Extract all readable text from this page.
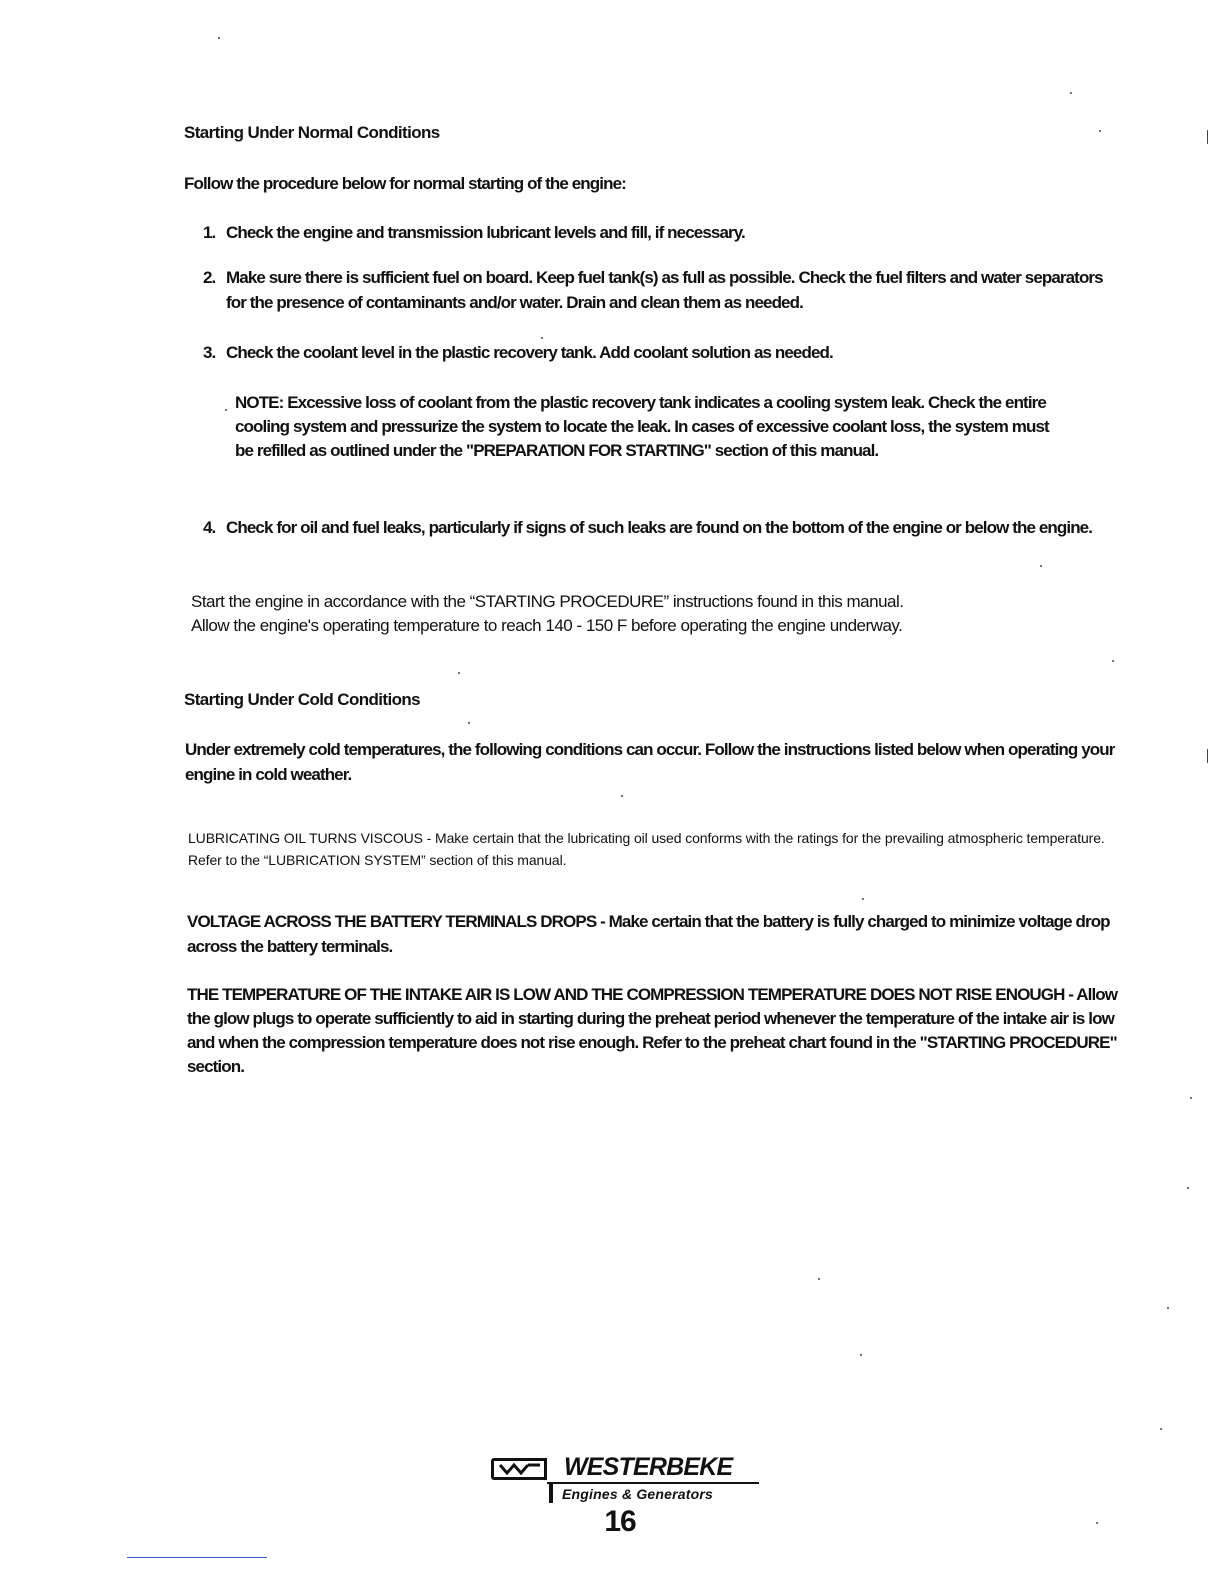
Starting Under Normal Conditions
Follow the procedure below for normal starting of the engine:
1. Check the engine and transmission lubricant levels and fill, if necessary.
2. Make sure there is sufficient fuel on board. Keep fuel tank(s) as full as possible. Check the fuel filters and water separators for the presence of contaminants and/or water. Drain and clean them as needed.
3. Check the coolant level in the plastic recovery tank. Add coolant solution as needed.
NOTE: Excessive loss of coolant from the plastic recovery tank indicates a cooling system leak. Check the entire cooling system and pressurize the system to locate the leak. In cases of excessive coolant loss, the system must be refilled as outlined under the "PREPARATION FOR STARTING" section of this manual.
4. Check for oil and fuel leaks, particularly if signs of such leaks are found on the bottom of the engine or below the engine.
Start the engine in accordance with the “STARTING PROCEDURE” instructions found in this manual.
Allow the engine's operating temperature to reach 140 - 150 F before operating the engine underway.
Starting Under Cold Conditions
Under extremely cold temperatures, the following conditions can occur. Follow the instructions listed below when operating your engine in cold weather.
LUBRICATING OIL TURNS VISCOUS - Make certain that the lubricating oil used conforms with the ratings for the prevailing atmospheric temperature. Refer to the “LUBRICATION SYSTEM” section of this manual.
VOLTAGE ACROSS THE BATTERY TERMINALS DROPS - Make certain that the battery is fully charged to minimize voltage drop across the battery terminals.
THE TEMPERATURE OF THE INTAKE AIR IS LOW AND THE COMPRESSION TEMPERATURE DOES NOT RISE ENOUGH - Allow the glow plugs to operate sufficiently to aid in starting during the preheat period whenever the temperature of the intake air is low and when the compression temperature does not rise enough. Refer to the preheat chart found in the "STARTING PROCEDURE" section.
WESTERBEKE
Engines & Generators
16
